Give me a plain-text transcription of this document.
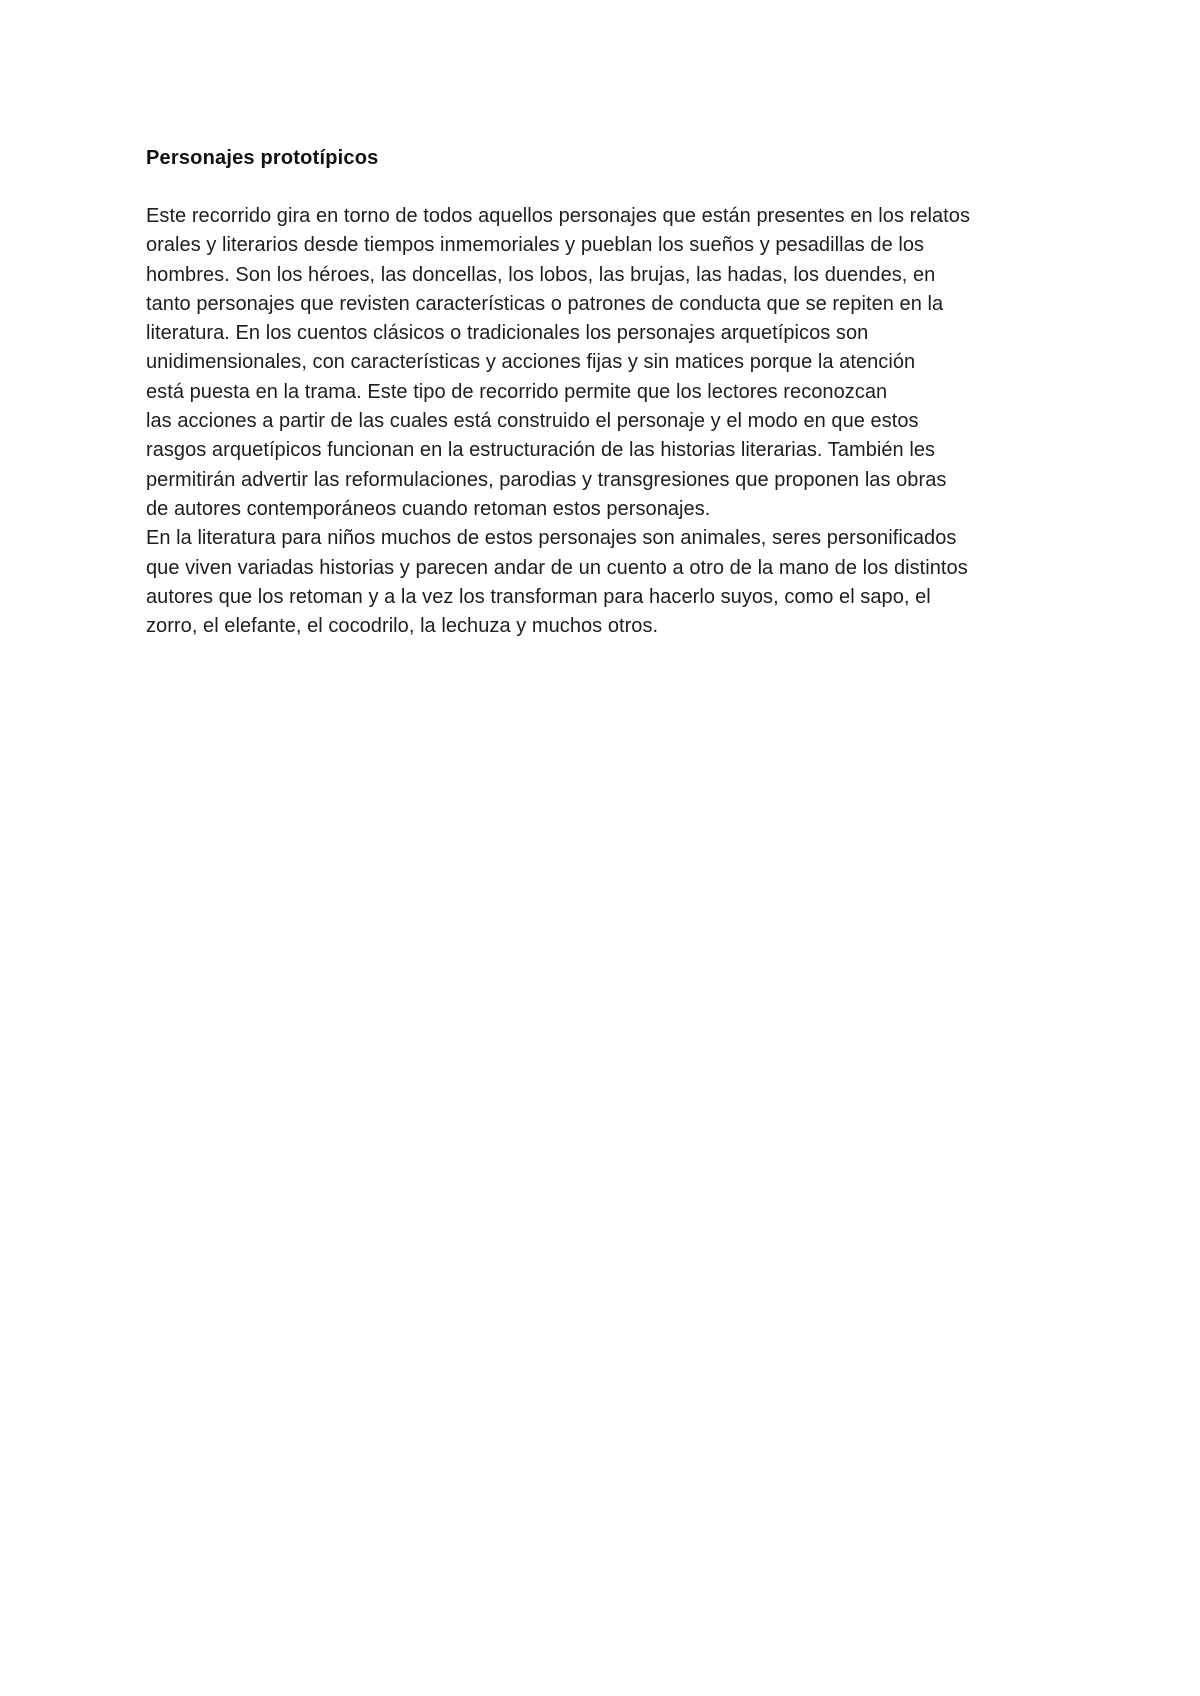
Personajes prototípicos
Este recorrido gira en torno de todos aquellos personajes que están presentes en los relatos
orales y literarios desde tiempos inmemoriales y pueblan los sueños y pesadillas de los
hombres. Son los héroes, las doncellas, los lobos, las brujas, las hadas, los duendes, en
tanto personajes que revisten características o patrones de conducta que se repiten en la
literatura. En los cuentos clásicos o tradicionales los personajes arquetípicos son
unidimensionales, con características y acciones fijas y sin matices porque la atención
está puesta en la trama. Este tipo de recorrido permite que los lectores reconozcan
las acciones a partir de las cuales está construido el personaje y el modo en que estos
rasgos arquetípicos funcionan en la estructuración de las historias literarias. También les
permitirán advertir las reformulaciones, parodias y transgresiones que proponen las obras
de autores contemporáneos cuando retoman estos personajes.
En la literatura para niños muchos de estos personajes son animales, seres personificados
que viven variadas historias y parecen andar de un cuento a otro de la mano de los distintos
autores que los retoman y a la vez los transforman para hacerlo suyos, como el sapo, el
zorro, el elefante, el cocodrilo, la lechuza y muchos otros.
